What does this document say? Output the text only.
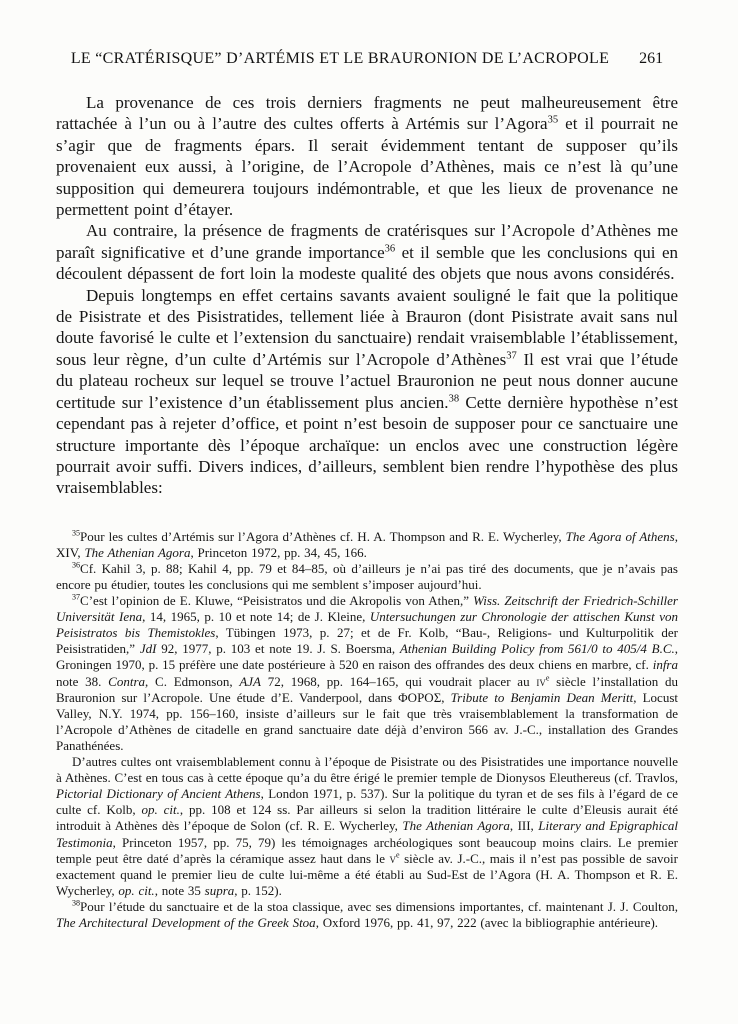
LE “CRATÉRISQUE” D’ARTÉMIS ET LE BRAURONION DE L’ACROPOLE 261

La provenance de ces trois derniers fragments ne peut malheureusement être rattachée à l’un ou à l’autre des cultes offerts à Artémis sur l’Agora$^{35}$ et il pourrait ne s’agir que de fragments épars. Il serait évidemment tentant de supposer qu’ils provenaient eux aussi, à l’origine, de l’Acropole d’Athènes, mais ce n’est là qu’une supposition qui demeurera toujours indémontrable, et que les lieux de provenance ne permettent point d’étayer.

Au contraire, la présence de fragments de cratérisques sur l’Acropole d’Athènes me paraît significative et d’une grande importance$^{36}$ et il semble que les conclusions qui en découlent dépassent de fort loin la modeste qualité des objets que nous avons considérés.

Depuis longtemps en effet certains savants avaient souligné le fait que la politique de Pisistrate et des Pisistratides, tellement liée à Brauron (dont Pisistrate avait sans nul doute favorisé le culte et l’extension du sanctuaire) rendait vraisemblable l’établissement, sous leur règne, d’un culte d’Artémis sur l’Acropole d’Athènes$^{37}$ Il est vrai que l’étude du plateau rocheux sur lequel se trouve l’actuel Brauronion ne peut nous donner aucune certitude sur l’existence d’un établissement plus ancien.$^{38}$ Cette dernière hypothèse n’est cependant pas à rejeter d’office, et point n’est besoin de supposer pour ce sanctuaire une structure importante dès l’époque archaïque: un enclos avec une construction légère pourrait avoir suffi. Divers indices, d’ailleurs, semblent bien rendre l’hypothèse des plus vraisemblables:

$^{35}$Pour les cultes d’Artémis sur l’Agora d’Athènes cf. H. A. Thompson and R. E. Wycherley, The Agora of Athens, XIV, The Athenian Agora, Princeton 1972, pp. 34, 45, 166.

$^{36}$Cf. Kahil 3, p. 88; Kahil 4, pp. 79 et 84–85, où d’ailleurs je n’ai pas tiré des documents, que je n’avais pas encore pu étudier, toutes les conclusions qui me semblent s’imposer aujourd’hui.

$^{37}$C’est l’opinion de E. Kluwe, “Peisistratos und die Akropolis von Athen,” Wiss. Zeitschrift der Friedrich-Schiller Universität Iena, 14, 1965, p. 10 et note 14; de J. Kleine, Untersuchungen zur Chronologie der attischen Kunst von Peisistratos bis Themistokles, Tübingen 1973, p. 27; et de Fr. Kolb, “Bau-, Religions- und Kulturpolitik der Peisistratiden,” JdI 92, 1977, p. 103 et note 19. J. S. Boersma, Athenian Building Policy from 561/0 to 405/4 B.C., Groningen 1970, p. 15 préfère une date postérieure à 520 en raison des offrandes des deux chiens en marbre, cf. infra note 38. Contra, C. Edmonson, AJA 72, 1968, pp. 164–165, qui voudrait placer au $iv^e$ siècle l’installation du Brauronion sur l’Acropole. Une étude d’E. Vanderpool, dans ΦΟΡΟΣ, Tribute to Benjamin Dean Meritt, Locust Valley, N.Y. 1974, pp. 156–160, insiste d’ailleurs sur le fait que très vraisemblablement la transformation de l’Acropole d’Athènes de citadelle en grand sanctuaire date déjà d’environ 566 av. J.-C., installation des Grandes Panathénées.

D’autres cultes ont vraisemblablement connu à l’époque de Pisistrate ou des Pisistratides une importance nouvelle à Athènes. C’est en tous cas à cette époque qu’a du être érigé le premier temple de Dionysos Eleuthereus (cf. Travlos, Pictorial Dictionary of Ancient Athens, London 1971, p. 537). Sur la politique du tyran et de ses fils à l’égard de ce culte cf. Kolb, op. cit., pp. 108 et 124 ss. Par ailleurs si selon la tradition littéraire le culte d’Eleusis aurait été introduit à Athènes dès l’époque de Solon (cf. R. E. Wycherley, The Athenian Agora, III, Literary and Epigraphical Testimonia, Princeton 1957, pp. 75, 79) les témoignages archéologiques sont beaucoup moins clairs. Le premier temple peut être daté d’après la céramique assez haut dans le $v^e$ siècle av. J.-C., mais il n’est pas possible de savoir exactement quand le premier lieu de culte lui-même a été établi au Sud-Est de l’Agora (H. A. Thompson et R. E. Wycherley, op. cit., note 35 supra, p. 152).

$^{38}$Pour l’étude du sanctuaire et de la stoa classique, avec ses dimensions importantes, cf. maintenant J. J. Coulton, The Architectural Development of the Greek Stoa, Oxford 1976, pp. 41, 97, 222 (avec la bibliographie antérieure).
